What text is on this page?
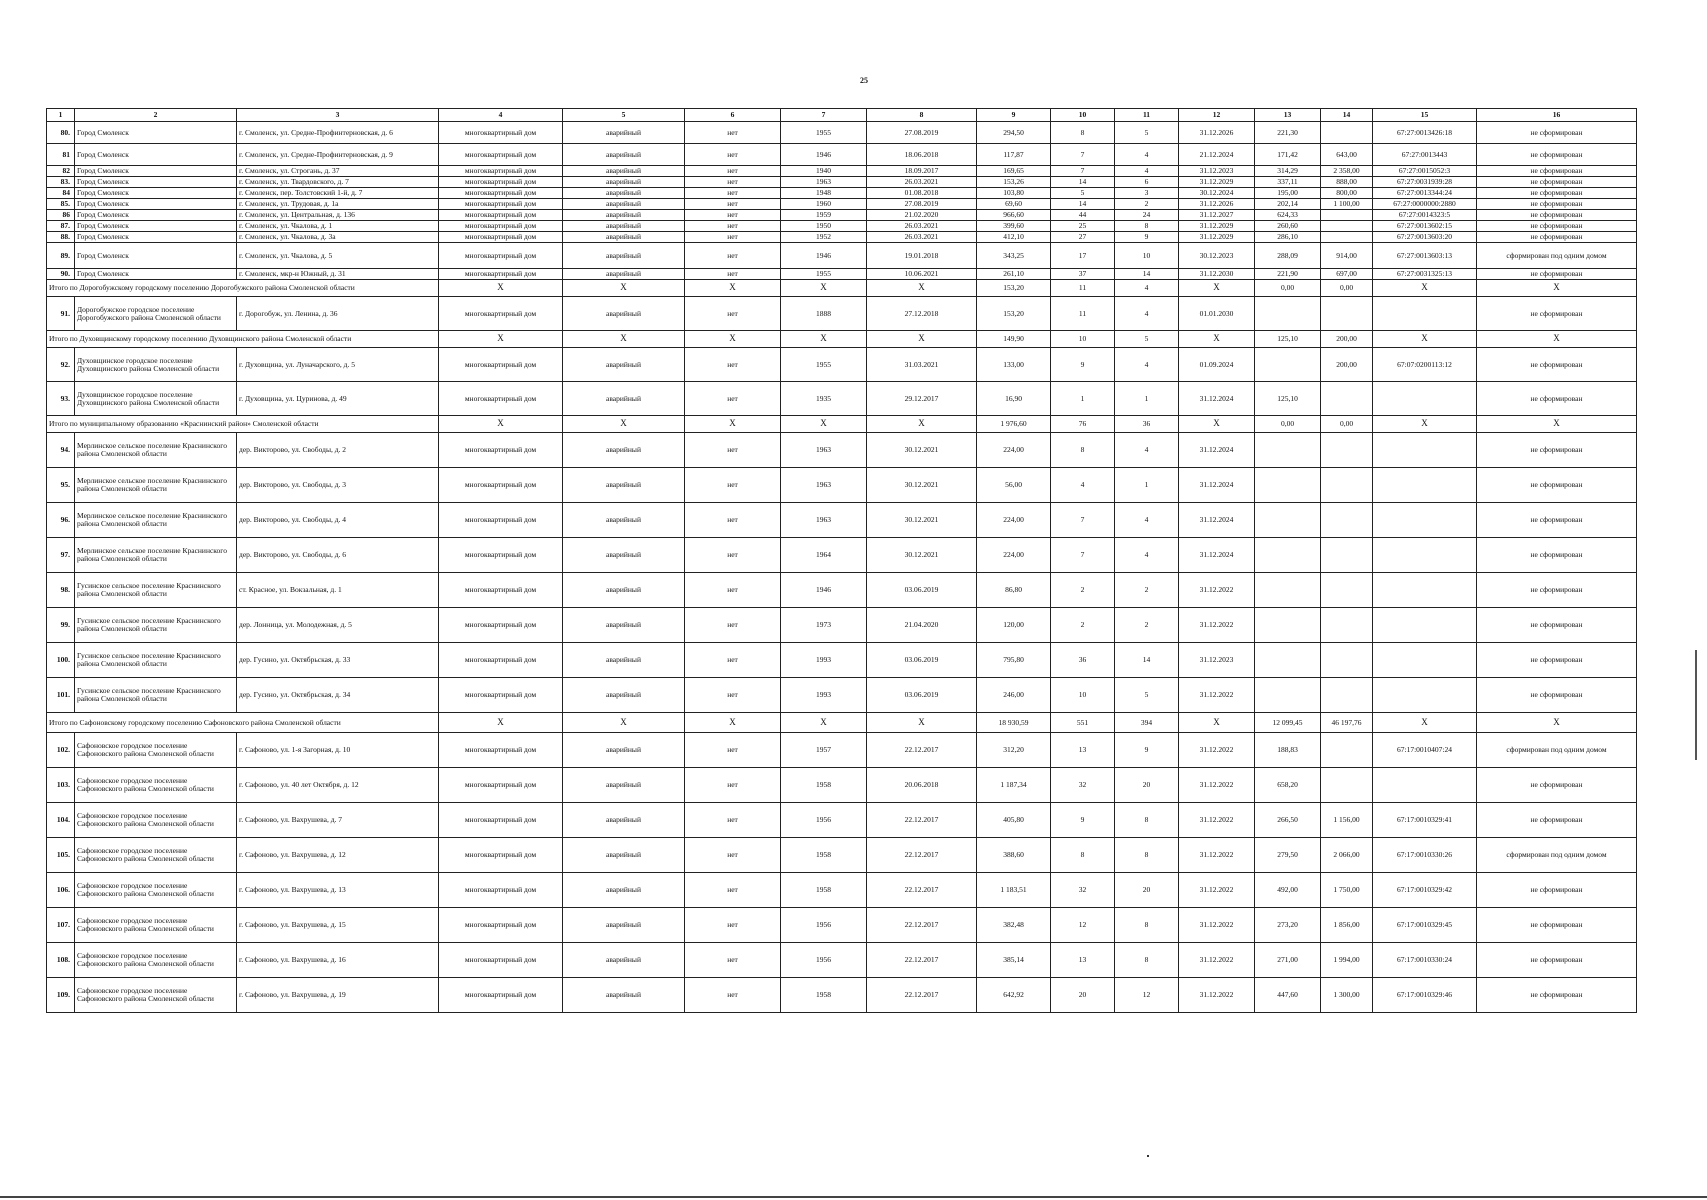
25
1	2	3	4	5	6	7	8	9	10	11	12	13	14	15	16
80.	Город Смоленск	г. Смоленск, ул. Средне-Профинтерновская, д. 6	многоквартирный дом	аварийный	нет	1955	27.08.2019	294,50	8	5	31.12.2026	221,30		67:27:0013426:18	не сформирован
81	Город Смоленск	г. Смоленск, ул. Средне-Профинтерновская, д. 9	многоквартирный дом	аварийный	нет	1946	18.06.2018	117,87	7	4	21.12.2024	171,42	643,00	67:27:0013443	не сформирован
82	Город Смоленск	г. Смоленск, ул. Строгань, д. 37	многоквартирный дом	аварийный	нет	1940	18.09.2017	169,65	7	4	31.12.2023	314,29	2 358,00	67:27:0015052:3	не сформирован
83.	Город Смоленск	г. Смоленск, ул. Твардовского, д. 7	многоквартирный дом	аварийный	нет	1963	26.03.2021	153,26	14	6	31.12.2029	337,11	888,00	67:27:0031939:28	не сформирован
84	Город Смоленск	г. Смоленск, пер. Толстовский 1-й, д. 7	многоквартирный дом	аварийный	нет	1948	01.08.2018	103,80	5	3	30.12.2024	195,00	800,00	67:27:0013344:24	не сформирован
85.	Город Смоленск	г. Смоленск, ул. Трудовая, д. 1а	многоквартирный дом	аварийный	нет	1960	27.08.2019	69,60	14	2	31.12.2026	202,14	1 100,00	67:27:0000000:2880	не сформирован
86	Город Смоленск	г. Смоленск, ул. Центральная, д. 136	многоквартирный дом	аварийный	нет	1959	21.02.2020	966,60	44	24	31.12.2027	624,33		67:27:0014323:5	не сформирован
87.	Город Смоленск	г. Смоленск, ул. Чкалова, д. 1	многоквартирный дом	аварийный	нет	1950	26.03.2021	399,60	25	8	31.12.2029	260,60		67:27:0013602:15	не сформирован
88.	Город Смоленск	г. Смоленск, ул. Чкалова, д. 3а	многоквартирный дом	аварийный	нет	1952	26.03.2021	412,10	27	9	31.12.2029	286,10		67:27:0013603:20	не сформирован
89.	Город Смоленск	г. Смоленск, ул. Чкалова, д. 5	многоквартирный дом	аварийный	нет	1946	19.01.2018	343,25	17	10	30.12.2023	288,09	914,00	67:27:0013603:13	сформирован под одним домом
90.	Город Смоленск	г. Смоленск, мкр-н Южный, д. 31	многоквартирный дом	аварийный	нет	1955	10.06.2021	261,10	37	14	31.12.2030	221,90	697,00	67:27:0031325:13	не сформирован
Итого по Дорогобужскому городскому поселению Дорогобужского района Смоленской области			X	X	X	X	X	153,20	11	4	X	0,00	0,00	X	X
91.	Дорогобужское городское поселение Дорогобужского района Смоленской области	г. Дорогобуж, ул. Ленина, д. 36	многоквартирный дом	аварийный	нет	1888	27.12.2018	153,20	11	4	01.01.2030				не сформирован
Итого по Духовщинскому городскому поселению Духовщинского района Смоленской области			X	X	X	X	X	149,90	10	5	X	125,10	200,00	X	X
92.	Духовщинское городское поселение Духовщинского района Смоленской области	г. Духовщина, ул. Луначарского, д. 5	многоквартирный дом	аварийный	нет	1955	31.03.2021	133,00	9	4	01.09.2024		200,00	67:07:0200113:12	не сформирован
93.	Духовщинское городское поселение Духовщинского района Смоленской области	г. Духовщина, ул. Цуринова, д. 49	многоквартирный дом	аварийный	нет	1935	29.12.2017	16,90	1	1	31.12.2024	125,10			не сформирован
Итого по муниципальному образованию «Краснинский район» Смоленской области			X	X	X	X	X	1 976,60	76	36	X	0,00	0,00	X	X
94.	Мерлинское сельское поселение Краснинского района Смоленской области	дер. Викторово, ул. Свободы, д. 2	многоквартирный дом	аварийный	нет	1963	30.12.2021	224,00	8	4	31.12.2024				не сформирован
95.	Мерлинское сельское поселение Краснинского района Смоленской области	дер. Викторово, ул. Свободы, д. 3	многоквартирный дом	аварийный	нет	1963	30.12.2021	56,00	4	1	31.12.2024				не сформирован
96.	Мерлинское сельское поселение Краснинского района Смоленской области	дер. Викторово, ул. Свободы, д. 4	многоквартирный дом	аварийный	нет	1963	30.12.2021	224,00	7	4	31.12.2024				не сформирован
97.	Мерлинское сельское поселение Краснинского района Смоленской области	дер. Викторово, ул. Свободы, д. 6	многоквартирный дом	аварийный	нет	1964	30.12.2021	224,00	7	4	31.12.2024				не сформирован
98.	Гусинское сельское поселение Краснинского района Смоленской области	ст. Красное, ул. Вокзальная, д. 1	многоквартирный дом	аварийный	нет	1946	03.06.2019	86,80	2	2	31.12.2022				не сформирован
99.	Гусинское сельское поселение Краснинского района Смоленской области	дер. Лонница, ул. Молодежная, д. 5	многоквартирный дом	аварийный	нет	1973	21.04.2020	120,00	2	2	31.12.2022				не сформирован
100.	Гусинское сельское поселение Краснинского района Смоленской области	дер. Гусино, ул. Октябрьская, д. 33	многоквартирный дом	аварийный	нет	1993	03.06.2019	795,80	36	14	31.12.2023				не сформирован
101.	Гусинское сельское поселение Краснинского района Смоленской области	дер. Гусино, ул. Октябрьская, д. 34	многоквартирный дом	аварийный	нет	1993	03.06.2019	246,00	10	5	31.12.2022				не сформирован
Итого по Сафоновскому городскому поселению Сафоновского района Смоленской области			X	X	X	X	X	18 930,59	551	394	X	12 099,45	46 197,76	X	X
102.	Сафоновское городское поселение Сафоновского района Смоленской области	г. Сафоново, ул. 1-я Загорная, д. 10	многоквартирный дом	аварийный	нет	1957	22.12.2017	312,20	13	9	31.12.2022	188,83		67:17:0010407:24	сформирован под одним домом
103.	Сафоновское городское поселение Сафоновского района Смоленской области	г. Сафоново, ул. 40 лет Октября, д. 12	многоквартирный дом	аварийный	нет	1958	20.06.2018	1 187,34	32	20	31.12.2022	658,20			не сформирован
104.	Сафоновское городское поселение Сафоновского района Смоленской области	г. Сафоново, ул. Вахрушева, д. 7	многоквартирный дом	аварийный	нет	1956	22.12.2017	405,80	9	8	31.12.2022	266,50	1 156,00	67:17:0010329:41	не сформирован
105.	Сафоновское городское поселение Сафоновского района Смоленской области	г. Сафоново, ул. Вахрушева, д. 12	многоквартирный дом	аварийный	нет	1958	22.12.2017	388,60	8	8	31.12.2022	279,50	2 066,00	67:17:0010330:26	сформирован под одним домом
106.	Сафоновское городское поселение Сафоновского района Смоленской области	г. Сафоново, ул. Вахрушева, д. 13	многоквартирный дом	аварийный	нет	1958	22.12.2017	1 183,51	32	20	31.12.2022	492,00	1 750,00	67:17:0010329:42	не сформирован
107.	Сафоновское городское поселение Сафоновского района Смоленской области	г. Сафоново, ул. Вахрушева, д. 15	многоквартирный дом	аварийный	нет	1956	22.12.2017	382,48	12	8	31.12.2022	273,20	1 856,00	67:17:0010329:45	не сформирован
108.	Сафоновское городское поселение Сафоновского района Смоленской области	г. Сафоново, ул. Вахрушева, д. 16	многоквартирный дом	аварийный	нет	1956	22.12.2017	385,14	13	8	31.12.2022	271,00	1 994,00	67:17:0010330:24	не сформирован
109.	Сафоновское городское поселение Сафоновского района Смоленской области	г. Сафоново, ул. Вахрушева, д. 19	многоквартирный дом	аварийный	нет	1958	22.12.2017	642,92	20	12	31.12.2022	447,60	1 300,00	67:17:0010329:46	не сформирован
